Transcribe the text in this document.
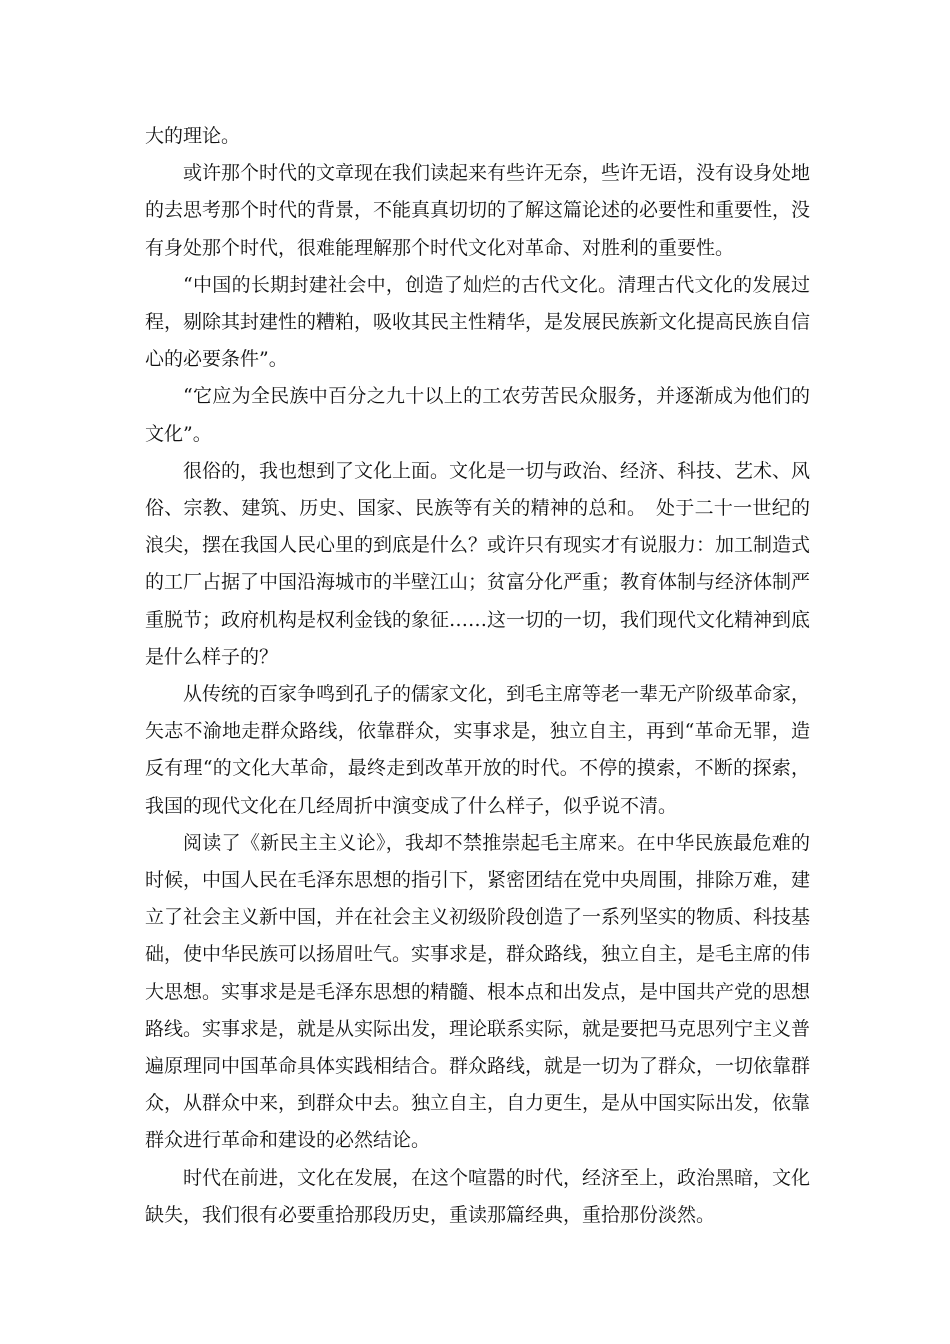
大的理论。

或许那个时代的文章现在我们读起来有些许无奈，些许无语，没有设身处地的去思考那个时代的背景，不能真真切切的了解这篇论述的必要性和重要性，没有身处那个时代，很难能理解那个时代文化对革命、对胜利的重要性。

“中国的长期封建社会中，创造了灿烂的古代文化。清理古代文化的发展过程，剔除其封建性的糟粕，吸收其民主性精华，是发展民族新文化提高民族自信心的必要条件”。

“它应为全民族中百分之九十以上的工农劳苦民众服务，并逐渐成为他们的文化”。

很俗的，我也想到了文化上面。文化是一切与政治、经济、科技、艺术、风俗、宗教、建筑、历史、国家、民族等有关的精神的总和。　处于二十一世纪的浪尖，摆在我国人民心里的到底是什么？或许只有现实才有说服力：加工制造式的工厂占据了中国沿海城市的半壁江山；贫富分化严重；教育体制与经济体制严重脱节；政府机构是权利金钱的象征……这一切的一切，我们现代文化精神到底是什么样子的？

从传统的百家争鸣到孔子的儒家文化，到毛主席等老一辈无产阶级革命家，矢志不渝地走群众路线，依靠群众，实事求是，独立自主，再到“革命无罪，造反有理“的文化大革命，最终走到改革开放的时代。不停的摸索，不断的探索，我国的现代文化在几经周折中演变成了什么样子，似乎说不清。

阅读了《新民主主义论》，我却不禁推崇起毛主席来。在中华民族最危难的时候，中国人民在毛泽东思想的指引下，紧密团结在党中央周围，排除万难，建立了社会主义新中国，并在社会主义初级阶段创造了一系列坚实的物质、科技基础，使中华民族可以扬眉吐气。实事求是，群众路线，独立自主，是毛主席的伟大思想。实事求是是毛泽东思想的精髓、根本点和出发点，是中国共产党的思想路线。实事求是，就是从实际出发，理论联系实际，就是要把马克思列宁主义普遍原理同中国革命具体实践相结合。群众路线，就是一切为了群众，一切依靠群众，从群众中来，到群众中去。独立自主，自力更生，是从中国实际出发，依靠群众进行革命和建设的必然结论。

时代在前进，文化在发展，在这个喧嚣的时代，经济至上，政治黑暗，文化缺失，我们很有必要重拾那段历史，重读那篇经典，重拾那份淡然。
